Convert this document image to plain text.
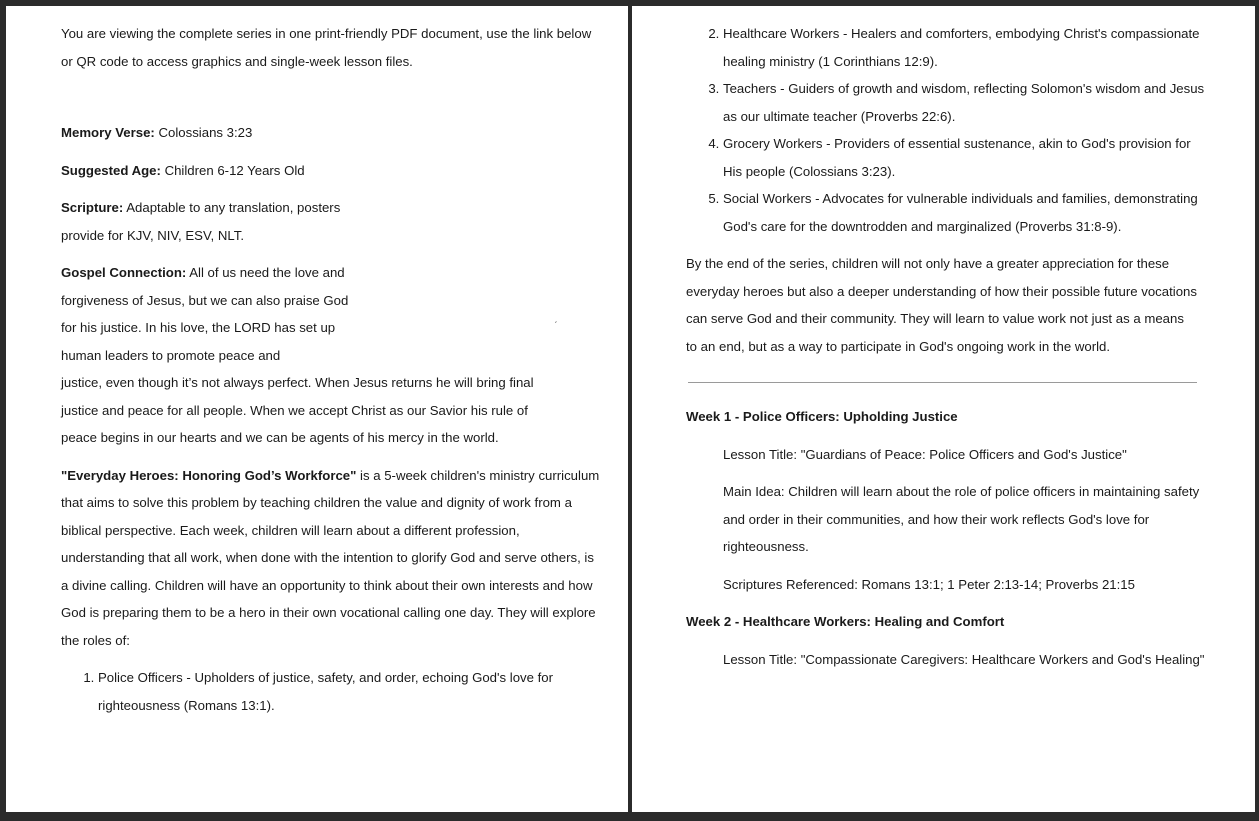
You are viewing the complete series in one print-friendly PDF document, use the link below or QR code to access graphics and single-week lesson files.

Memory Verse: Colossians 3:23

Suggested Age: Children 6-12 Years Old

Scripture: Adaptable to any translation, posters provide for KJV, NIV, ESV, NLT.

Gospel Connection: All of us need the love and forgiveness of Jesus, but we can also praise God for his justice. In his love, the LORD has set up human leaders to promote peace and
justice, even though it’s not always perfect. When Jesus returns he will bring final justice and peace for all people. When we accept Christ as our Savior his rule of peace begins in our hearts and we can be agents of his mercy in the world.

"Everyday Heroes: Honoring God’s Workforce" is a 5-week children's ministry curriculum that aims to solve this problem by teaching children the value and dignity of work from a biblical perspective. Each week, children will learn about a different profession, understanding that all work, when done with the intention to glorify God and serve others, is a divine calling. Children will have an opportunity to think about their own interests and how God is preparing them to be a hero in their own vocational calling one day. They will explore the roles of:

1. Police Officers - Upholders of justice, safety, and order, echoing God's love for righteousness (Romans 13:1).
ˏ
2. Healthcare Workers - Healers and comforters, embodying Christ's compassionate healing ministry (1 Corinthians 12:9).
3. Teachers - Guiders of growth and wisdom, reflecting Solomon's wisdom and Jesus as our ultimate teacher (Proverbs 22:6).
4. Grocery Workers - Providers of essential sustenance, akin to God's provision for His people (Colossians 3:23).
5. Social Workers - Advocates for vulnerable individuals and families, demonstrating God's care for the downtrodden and marginalized (Proverbs 31:8-9).

By the end of the series, children will not only have a greater appreciation for these everyday heroes but also a deeper understanding of how their possible future vocations can serve God and their community. They will learn to value work not just as a means to an end, but as a way to participate in God's ongoing work in the world.

Week 1 - Police Officers: Upholding Justice

Lesson Title: "Guardians of Peace: Police Officers and God's Justice"

Main Idea: Children will learn about the role of police officers in maintaining safety and order in their communities, and how their work reflects God's love for righteousness.

Scriptures Referenced: Romans 13:1; 1 Peter 2:13-14; Proverbs 21:15

Week 2 - Healthcare Workers: Healing and Comfort

Lesson Title: "Compassionate Caregivers: Healthcare Workers and God's Healing"
